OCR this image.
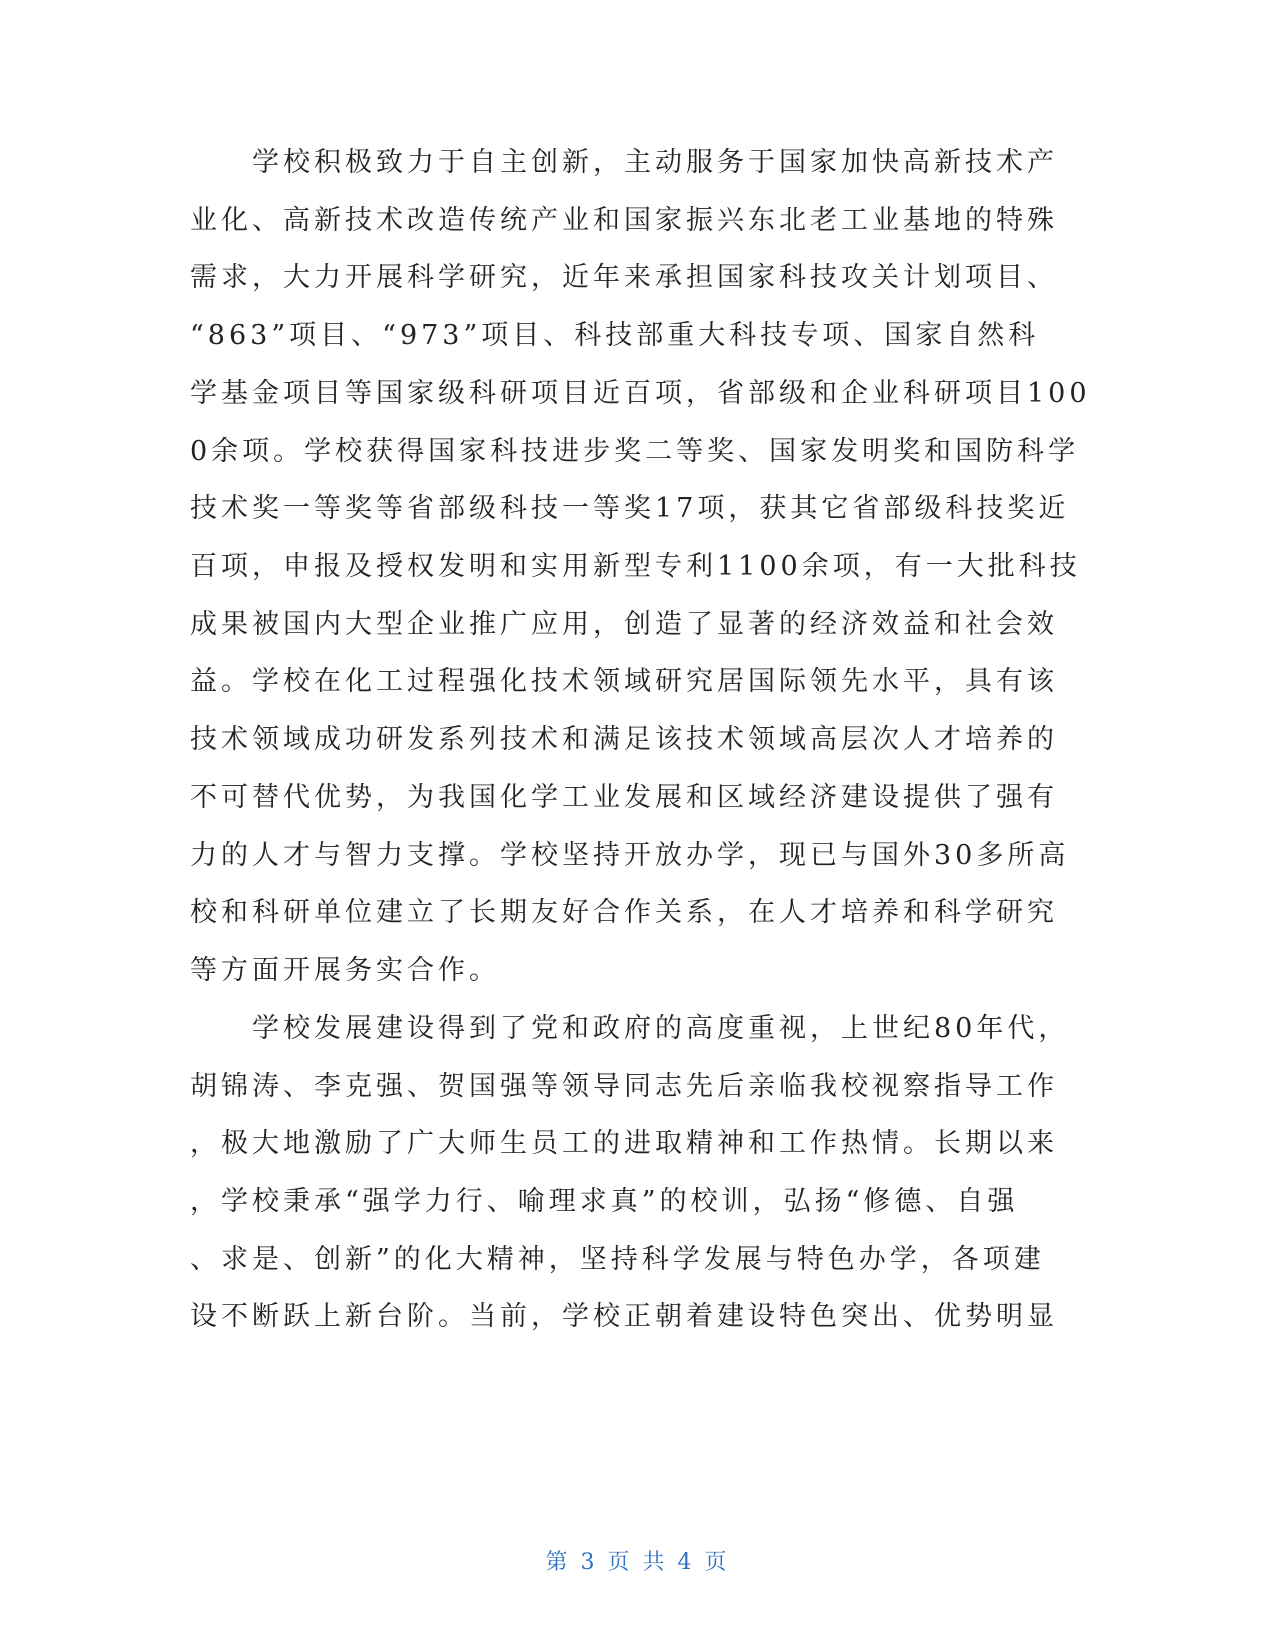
　　学校积极致力于自主创新，主动服务于国家加快高新技术产
业化、高新技术改造传统产业和国家振兴东北老工业基地的特殊
需求，大力开展科学研究，近年来承担国家科技攻关计划项目、
“863”项目、“973”项目、科技部重大科技专项、国家自然科
学基金项目等国家级科研项目近百项，省部级和企业科研项目100
0余项。学校获得国家科技进步奖二等奖、国家发明奖和国防科学
技术奖一等奖等省部级科技一等奖17项，获其它省部级科技奖近
百项，申报及授权发明和实用新型专利1100余项，有一大批科技
成果被国内大型企业推广应用，创造了显著的经济效益和社会效
益。学校在化工过程强化技术领域研究居国际领先水平，具有该
技术领域成功研发系列技术和满足该技术领域高层次人才培养的
不可替代优势，为我国化学工业发展和区域经济建设提供了强有
力的人才与智力支撑。学校坚持开放办学，现已与国外30多所高
校和科研单位建立了长期友好合作关系，在人才培养和科学研究
等方面开展务实合作。
　　学校发展建设得到了党和政府的高度重视，上世纪80年代，
胡锦涛、李克强、贺国强等领导同志先后亲临我校视察指导工作
，极大地激励了广大师生员工的进取精神和工作热情。长期以来
，学校秉承“强学力行、喻理求真”的校训，弘扬“修德、自强
、求是、创新”的化大精神，坚持科学发展与特色办学，各项建
设不断跃上新台阶。当前，学校正朝着建设特色突出、优势明显
第 3 页 共 4 页
